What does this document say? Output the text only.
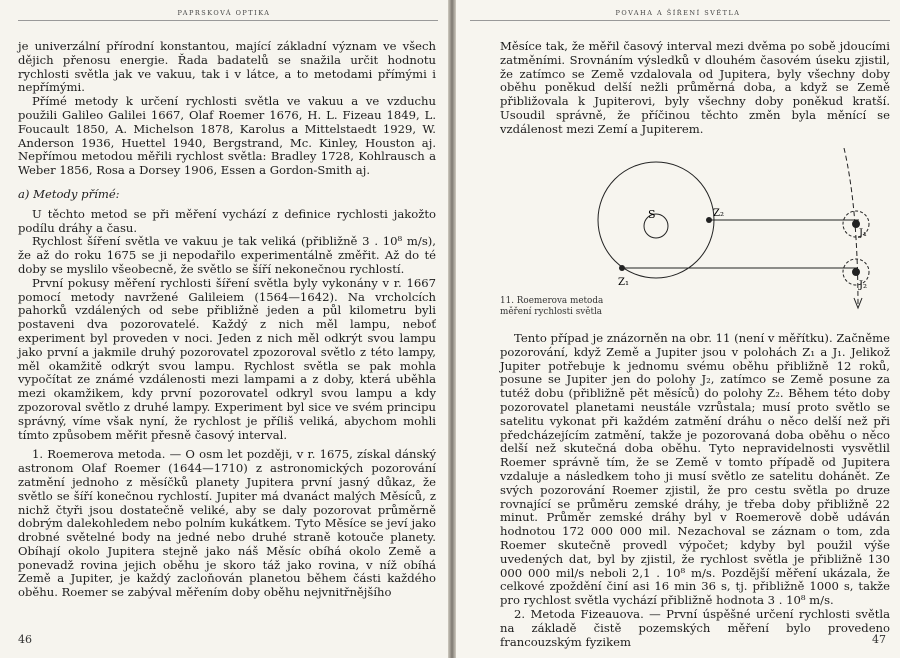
PAPRSKOVÁ OPTIKA

je univerzální přírodní konstantou, mající základní význam ve všech dějich přenosu energie. Řada badatelů se snažila určit hodnotu rychlosti světla jak ve vakuu, tak i v látce, a to metodami přímými i nepřímými.

Přímé metody k určení rychlosti světla ve vakuu a ve vzduchu použili Galileo Galilei 1667, Olaf Roemer 1676, H. L. Fizeau 1849, L. Foucault 1850, A. Michelson 1878, Karolus a Mittelstaedt 1929, W. Anderson 1936, Huettel 1940, Bergstrand, Mc. Kinley, Houston aj. Nepřímou metodou měřili rychlost světla: Bradley 1728, Kohlrausch a Weber 1856, Rosa a Dorsey 1906, Essen a Gordon-Smith aj.

a) Metody přímé:

U těchto metod se při měření vychází z definice rychlosti jakožto podílu dráhy a času.

Rychlost šíření světla ve vakuu je tak veliká (přibližně 3 . 10⁸ m/s), že až do roku 1675 se ji nepodařilo experimentálně změřit. Až do té doby se myslilo všeobecně, že světlo se šíří nekonečnou rychlostí.

První pokusy měření rychlosti šíření světla byly vykonány v r. 1667 pomocí metody navržené Galileiem (1564—1642). Na vrcholcích pahorků vzdálených od sebe přibližně jeden a půl kilometru byli postaveni dva pozorovatelé. Každý z nich měl lampu, neboť experiment byl proveden v noci. Jeden z nich měl odkrýt svou lampu jako první a jakmile druhý pozorovatel zpozoroval světlo z této lampy, měl okamžitě odkrýt svou lampu. Rychlost světla se pak mohla vypočítat ze známé vzdálenosti mezi lampami a z doby, která uběhla mezi okamžikem, kdy první pozorovatel odkryl svou lampu a kdy zpozoroval světlo z druhé lampy. Experiment byl sice ve svém principu správný, víme však nyní, že rychlost je příliš veliká, abychom mohli tímto způsobem měřit přesně časový interval.

1. Roemerova metoda. — O osm let později, v r. 1675, získal dánský astronom Olaf Roemer (1644—1710) z astronomických pozorování zatmění jednoho z měsíčků planety Jupitera první jasný důkaz, že světlo se šíří konečnou rychlostí. Jupiter má dvanáct malých Měsíců, z nichž čtyři jsou dostatečně veliké, aby se daly pozorovat průměrně dobrým dalekohledem nebo polním kukátkem. Tyto Měsíce se jeví jako drobné světelné body na jedné nebo druhé straně kotouče planety. Obíhají okolo Jupitera stejně jako náš Měsíc obíhá okolo Země a ponevadž rovina jejich oběhu je skoro táž jako rovina, v níž obíhá Země a Jupiter, je každý zacloňován planetou během části každého oběhu. Roemer se zabýval měřením doby oběhu nejvnitřnějšího

46
POVAHA A ŠÍŘENÍ SVĚTLA

Měsíce tak, že měřil časový interval mezi dvěma po sobě jdoucími zatměními. Srovnáním výsledků v dlouhém časovém úseku zjistil, že zatímco se Země vzdalovala od Jupitera, byly všechny doby oběhu poněkud delší nežli průměrná doba, a když se Země přibližovala k Jupiterovi, byly všechny doby poněkud kratší. Usoudil správně, že příčinou těchto změn byla měnící se vzdálenost mezi Zemí a Jupiterem.

S	Z₂
Z₁
J₁
J₂
11. Roemerova metoda měření rychlosti světla

Tento případ je znázorněn na obr. 11 (není v měřítku). Začněme pozorování, když Země a Jupiter jsou v polohách Z₁ a J₁. Jelikož Jupiter potřebuje k jednomu svému oběhu přibližně 12 roků, posune se Jupiter jen do polohy J₂, zatímco se Země posune za tutéž dobu (přibližně pět měsíců) do polohy Z₂. Během této doby pozorovatel planetami neustále vzrůstala; musí proto světlo se satelitu vykonat při každém zatmění dráhu o něco delší než při předcházejícím zatmění, takže je pozorovaná doba oběhu o něco delší než skutečná doba oběhu. Tyto nepravidelnosti vysvětlil Roemer správně tím, že se Země v tomto případě od Jupitera vzdaluje a následkem toho ji musí světlo ze satelitu dohánět. Ze svých pozorování Roemer zjistil, že pro cestu světla po druze rovnající se průměru zemské dráhy, je třeba doby přibližně 22 minut. Průměr zemské dráhy byl v Roemerově době udáván hodnotou 172 000 000 mil. Nezachoval se záznam o tom, zda Roemer skutečně provedl výpočet; kdyby byl použil výše uvedených dat, byl by zjistil, že rychlost světla je přibližně 130 000 000 mil/s neboli 2,1 . 10⁸ m/s. Pozdější měření ukázala, že celkové zpoždění činí asi 16 min 36 s, tj. přibližně 1000 s, takže pro rychlost světla vychází přibližně hodnota 3 . 10⁸ m/s.

2. Metoda Fizeauova. — První úspěšné určení rychlosti světla na základě čistě pozemských měření bylo provedeno francouzským fyzikem	47
